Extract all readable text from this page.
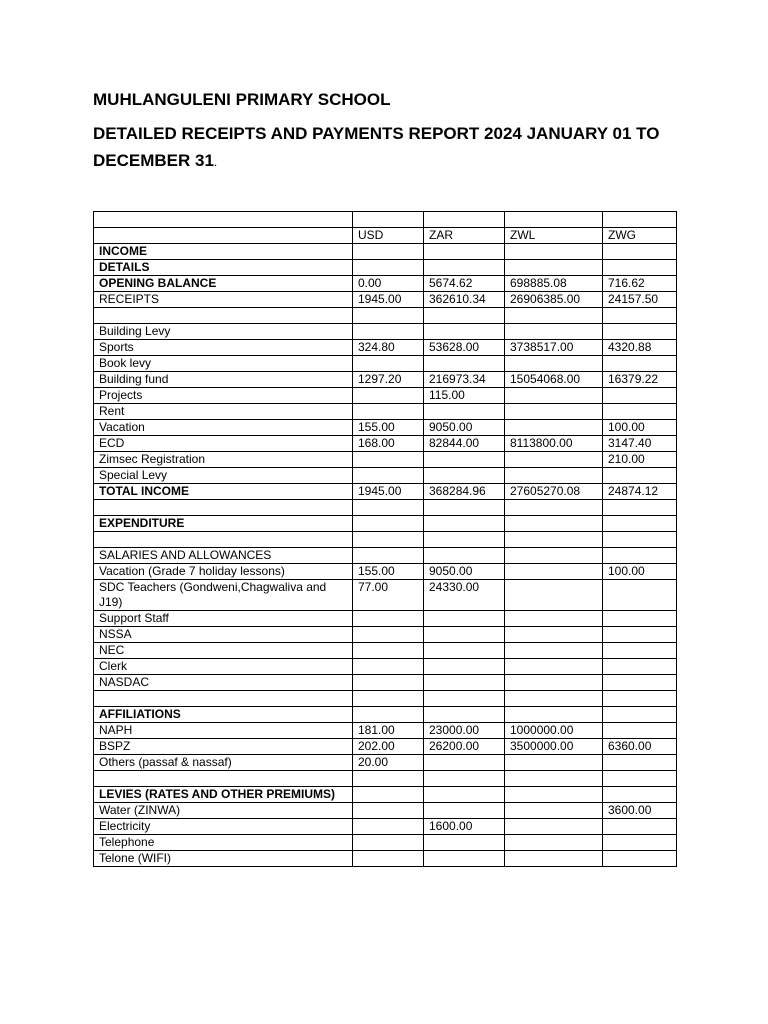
MUHLANGULENI PRIMARY SCHOOL

DETAILED RECEIPTS AND PAYMENTS REPORT 2024 JANUARY 01 TO DECEMBER 31.

	USD	ZAR	ZWL	ZWG
INCOME				
DETAILS				
OPENING BALANCE	0.00	5674.62	698885.08	716.62
RECEIPTS	1945.00	362610.34	26906385.00	24157.50

Building Levy				
Sports	324.80	53628.00	3738517.00	4320.88
Book levy				
Building fund	1297.20	216973.34	15054068.00	16379.22
Projects		115.00		
Rent				
Vacation	155.00	9050.00		100.00
ECD	168.00	82844.00	8113800.00	3147.40
Zimsec Registration				210.00
Special Levy				
TOTAL INCOME	1945.00	368284.96	27605270.08	24874.12

EXPENDITURE				

SALARIES AND ALLOWANCES				
Vacation (Grade 7 holiday lessons)	155.00	9050.00		100.00
SDC Teachers (Gondweni,Chagwaliva and J19)	77.00	24330.00		
Support Staff				
NSSA				
NEC				
Clerk				
NASDAC				

AFFILIATIONS				
NAPH	181.00	23000.00	1000000.00	
BSPZ	202.00	26200.00	3500000.00	6360.00
Others (passaf & nassaf)	20.00			

LEVIES (RATES AND OTHER PREMIUMS)				
Water (ZINWA)				3600.00
Electricity		1600.00		
Telephone				
Telone (WIFI)				
